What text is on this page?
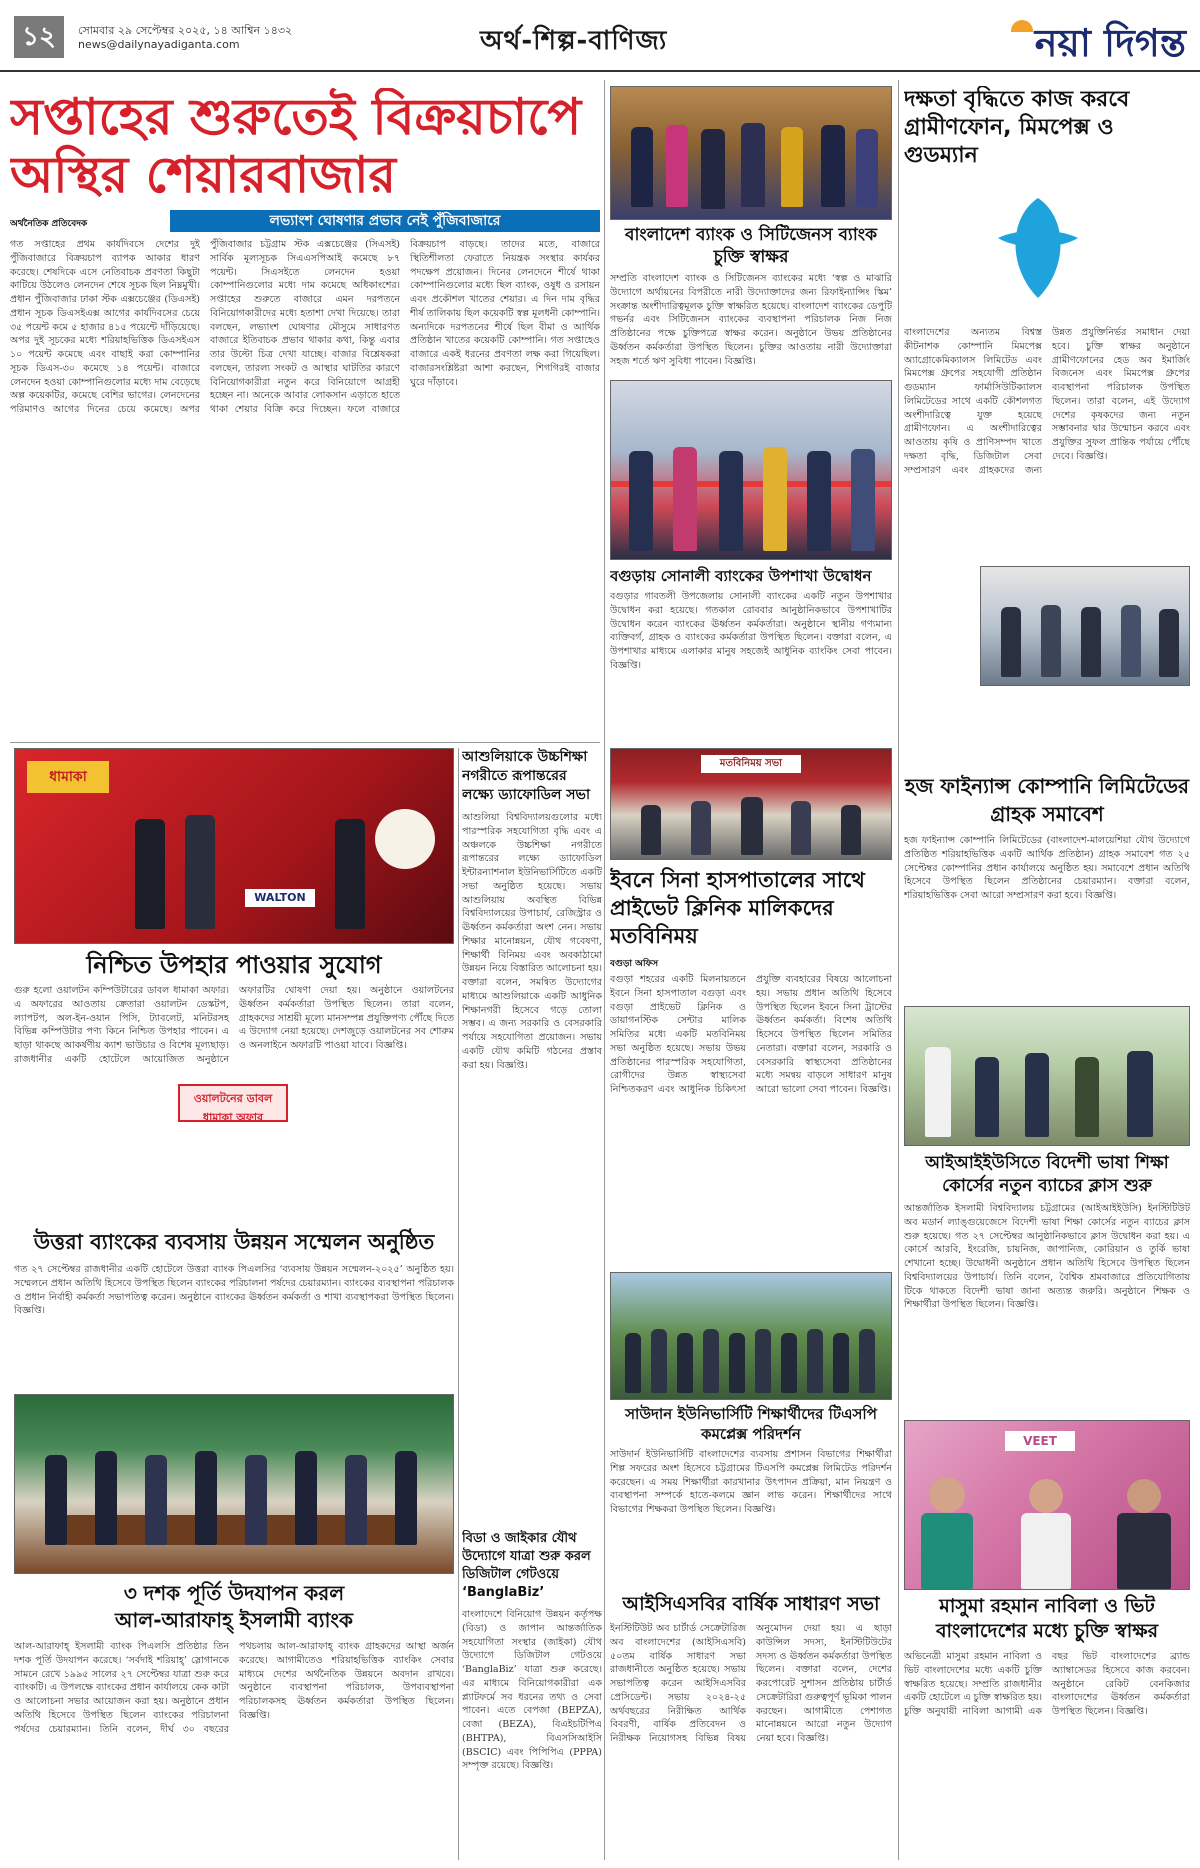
১২	সোমবার ২৯ সেপ্টেম্বর ২০২৫, ১৪ আশ্বিন ১৪৩২
news@dailynayadiganta.com	অর্থ-শিল্প-বাণিজ্য	নয়া দিগন্ত
সপ্তাহের শুরুতেই বিক্রয়চাপে
অস্থির শেয়ারবাজার
অর্থনৈতিক প্রতিবেদক	লভ্যাংশ ঘোষণার প্রভাব নেই পুঁজিবাজারে
গত সপ্তাহের প্রথম কার্যদিবসে দেশের দুই পুঁজিবাজারে বিক্রয়চাপ ব্যাপক আকার ধারণ করেছে। শেষদিকে এসে নেতিবাচক প্রবণতা কিছুটা কাটিয়ে উঠলেও লেনদেন শেষে সূচক ছিল নিম্নমুখী। প্রধান পুঁজিবাজার ঢাকা স্টক এক্সচেঞ্জের (ডিএসই) প্রধান সূচক ডিএসইএক্স আগের কার্যদিবসের চেয়ে ৩৫ পয়েন্ট কমে ৫ হাজার ৪১৫ পয়েন্টে দাঁড়িয়েছে। অপর দুই সূচকের মধ্যে শরিয়াহভিত্তিক ডিএসইএস ১০ পয়েন্ট কমেছে এবং বাছাই করা কোম্পানির সূচক ডিএস-৩০ কমেছে ১৪ পয়েন্ট। বাজারে লেনদেন হওয়া কোম্পানিগুলোর মধ্যে দাম বেড়েছে অল্প কয়েকটির, কমেছে বেশির ভাগের। লেনদেনের পরিমাণও আগের দিনের চেয়ে কমেছে। অপর পুঁজিবাজার চট্টগ্রাম স্টক এক্সচেঞ্জের (সিএসই) সার্বিক মূল্যসূচক সিএএসপিআই কমেছে ৮৭ পয়েন্ট। সিএসইতে লেনদেন হওয়া কোম্পানিগুলোর মধ্যে দাম কমেছে অধিকাংশের। সপ্তাহের শুরুতে বাজারে এমন দরপতনে বিনিয়োগকারীদের মধ্যে হতাশা দেখা দিয়েছে। তারা বলছেন, লভ্যাংশ ঘোষণার মৌসুমে সাধারণত বাজারে ইতিবাচক প্রভাব থাকার কথা, কিন্তু এবার তার উল্টো চিত্র দেখা যাচ্ছে। বাজার বিশ্লেষকরা বলছেন, তারল্য সংকট ও আস্থার ঘাটতির কারণে বিনিয়োগকারীরা নতুন করে বিনিয়োগে আগ্রহী হচ্ছেন না। অনেকে আবার লোকসান এড়াতে হাতে থাকা শেয়ার বিক্রি করে দিচ্ছেন। ফলে বাজারে বিক্রয়চাপ বাড়ছে। তাদের মতে, বাজারে স্থিতিশীলতা ফেরাতে নিয়ন্ত্রক সংস্থার কার্যকর পদক্ষেপ প্রয়োজন। দিনের লেনদেনে শীর্ষে থাকা কোম্পানিগুলোর মধ্যে ছিল ব্যাংক, ওষুধ ও রসায়ন এবং প্রকৌশল খাতের শেয়ার। এ দিন দাম বৃদ্ধির শীর্ষ তালিকায় ছিল কয়েকটি স্বল্প মূলধনী কোম্পানি। অন্যদিকে দরপতনের শীর্ষে ছিল বীমা ও আর্থিক প্রতিষ্ঠান খাতের কয়েকটি কোম্পানি। গত সপ্তাহেও বাজারে একই ধরনের প্রবণতা লক্ষ করা গিয়েছিল। বাজারসংশ্লিষ্টরা আশা করছেন, শিগগিরই বাজার ঘুরে দাঁড়াবে।
বাংলাদেশ ব্যাংক ও সিটিজেনস ব্যাংক চুক্তি স্বাক্ষর
সম্প্রতি বাংলাদেশ ব্যাংক ও সিটিজেনস ব্যাংকের মধ্যে ‘স্বল্প ও মাঝারি উদ্যোগে অর্থায়নের বিপরীতে নারী উদ্যোক্তাদের জন্য রিফাইন্যান্সিং স্কিম’ সংক্রান্ত অংশীদারিত্বমূলক চুক্তি স্বাক্ষরিত হয়েছে। বাংলাদেশ ব্যাংকের ডেপুটি গভর্নর এবং সিটিজেনস ব্যাংকের ব্যবস্থাপনা পরিচালক নিজ নিজ প্রতিষ্ঠানের পক্ষে চুক্তিপত্রে স্বাক্ষর করেন। অনুষ্ঠানে উভয় প্রতিষ্ঠানের ঊর্ধ্বতন কর্মকর্তারা উপস্থিত ছিলেন। চুক্তির আওতায় নারী উদ্যোক্তারা সহজ শর্তে ঋণ সুবিধা পাবেন। বিজ্ঞপ্তি।
দক্ষতা বৃদ্ধিতে কাজ করবে গ্রামীণফোন, মিমপেক্স ও গুডম্যান
বাংলাদেশের অন্যতম বিশ্বস্ত কীটনাশক কোম্পানি মিমপেক্স অ্যাগ্রোকেমিক্যালস লিমিটেড এবং মিমপেক্স গ্রুপের সহযোগী প্রতিষ্ঠান গুডম্যান ফার্মাসিউটিক্যালস লিমিটেডের সাথে একটি কৌশলগত অংশীদারিত্বে যুক্ত হয়েছে গ্রামীণফোন। এ অংশীদারিত্বের আওতায় কৃষি ও প্রাণিসম্পদ খাতে দক্ষতা বৃদ্ধি, ডিজিটাল সেবা সম্প্রসারণ এবং গ্রাহকদের জন্য উন্নত প্রযুক্তিনির্ভর সমাধান দেয়া হবে। চুক্তি স্বাক্ষর অনুষ্ঠানে গ্রামীণফোনের হেড অব ইমার্জিং বিজনেস এবং মিমপেক্স গ্রুপের ব্যবস্থাপনা পরিচালক উপস্থিত ছিলেন। তারা বলেন, এই উদ্যোগ দেশের কৃষকদের জন্য নতুন সম্ভাবনার দ্বার উন্মোচন করবে এবং প্রযুক্তির সুফল প্রান্তিক পর্যায়ে পৌঁছে দেবে। বিজ্ঞপ্তি।
বগুড়ায় সোনালী ব্যাংকের উপশাখা উদ্বোধন
বগুড়ার গাবতলী উপজেলায় সোনালী ব্যাংকের একটি নতুন উপশাখার উদ্বোধন করা হয়েছে। গতকাল রোববার আনুষ্ঠানিকভাবে উপশাখাটির উদ্বোধন করেন ব্যাংকের ঊর্ধ্বতন কর্মকর্তারা। অনুষ্ঠানে স্থানীয় গণ্যমান্য ব্যক্তিবর্গ, গ্রাহক ও ব্যাংকের কর্মকর্তারা উপস্থিত ছিলেন। বক্তারা বলেন, এ উপশাখার মাধ্যমে এলাকার মানুষ সহজেই আধুনিক ব্যাংকিং সেবা পাবেন। বিজ্ঞপ্তি।
ধামাকা
WALTON
নিশ্চিত উপহার পাওয়ার সুযোগ
গুরু হলো ওয়ালটন কম্পিউটারের ডাবল ধামাকা অফার। এ অফারের আওতায় ক্রেতারা ওয়ালটন ডেস্কটপ, ল্যাপটপ, অল-ইন-ওয়ান পিসি, ট্যাবলেট, মনিটরসহ বিভিন্ন কম্পিউটার পণ্য কিনে নিশ্চিত উপহার পাবেন। এ ছাড়া থাকছে আকর্ষণীয় ক্যাশ ভাউচার ও বিশেষ মূল্যছাড়। রাজধানীর একটি হোটেলে আয়োজিত অনুষ্ঠানে অফারটির ঘোষণা দেয়া হয়। অনুষ্ঠানে ওয়ালটনের ঊর্ধ্বতন কর্মকর্তারা উপস্থিত ছিলেন। তারা বলেন, গ্রাহকদের সাশ্রয়ী মূল্যে মানসম্পন্ন প্রযুক্তিপণ্য পৌঁছে দিতে এ উদ্যোগ নেয়া হয়েছে। দেশজুড়ে ওয়ালটনের সব শোরুম ও অনলাইনে অফারটি পাওয়া যাবে। বিজ্ঞপ্তি।
ওয়ালটনের ডাবল ধামাকা অফার
আশুলিয়াকে উচ্চশিক্ষা নগরীতে রূপান্তরের লক্ষ্যে ড্যাফোডিল সভা
আশুলিয়া বিশ্ববিদ্যালয়গুলোর মধ্যে পারস্পরিক সহযোগিতা বৃদ্ধি এবং এ অঞ্চলকে উচ্চশিক্ষা নগরীতে রূপান্তরের লক্ষ্যে ড্যাফোডিল ইন্টারন্যাশনাল ইউনিভার্সিটিতে একটি সভা অনুষ্ঠিত হয়েছে। সভায় আশুলিয়ায় অবস্থিত বিভিন্ন বিশ্ববিদ্যালয়ের উপাচার্য, রেজিস্ট্রার ও ঊর্ধ্বতন কর্মকর্তারা অংশ নেন। সভায় শিক্ষার মানোন্নয়ন, যৌথ গবেষণা, শিক্ষার্থী বিনিময় এবং অবকাঠামো উন্নয়ন নিয়ে বিস্তারিত আলোচনা হয়। বক্তারা বলেন, সমন্বিত উদ্যোগের মাধ্যমে আশুলিয়াকে একটি আধুনিক শিক্ষানগরী হিসেবে গড়ে তোলা সম্ভব। এ জন্য সরকারি ও বেসরকারি পর্যায়ে সহযোগিতা প্রয়োজন। সভায় একটি যৌথ কমিটি গঠনের প্রস্তাব করা হয়। বিজ্ঞপ্তি।
মতবিনিময় সভা
ইবনে সিনা হাসপাতালের সাথে প্রাইভেট ক্লিনিক মালিকদের মতবিনিময়
বগুড়া অফিস
বগুড়া শহরের একটি মিলনায়তনে ইবনে সিনা হাসপাতাল বগুড়া এবং বগুড়া প্রাইভেট ক্লিনিক ও ডায়াগনস্টিক সেন্টার মালিক সমিতির মধ্যে একটি মতবিনিময় সভা অনুষ্ঠিত হয়েছে। সভায় উভয় প্রতিষ্ঠানের পারস্পরিক সহযোগিতা, রোগীদের উন্নত স্বাস্থ্যসেবা নিশ্চিতকরণ এবং আধুনিক চিকিৎসা প্রযুক্তি ব্যবহারের বিষয়ে আলোচনা হয়। সভায় প্রধান অতিথি হিসেবে উপস্থিত ছিলেন ইবনে সিনা ট্রাস্টের ঊর্ধ্বতন কর্মকর্তা। বিশেষ অতিথি হিসেবে উপস্থিত ছিলেন সমিতির নেতারা। বক্তারা বলেন, সরকারি ও বেসরকারি স্বাস্থ্যসেবা প্রতিষ্ঠানের মধ্যে সমন্বয় বাড়লে সাধারণ মানুষ আরো ভালো সেবা পাবেন। বিজ্ঞপ্তি।
হজ ফাইন্যান্স কোম্পানি লিমিটেডের গ্রাহক সমাবেশ
হজ ফাইন্যান্স কোম্পানি লিমিটেডের (বাংলাদেশ-মালয়েশিয়া যৌথ উদ্যোগে প্রতিষ্ঠিত শরিয়াহভিত্তিক একটি আর্থিক প্রতিষ্ঠান) গ্রাহক সমাবেশ গত ২৫ সেপ্টেম্বর কোম্পানির প্রধান কার্যালয়ে অনুষ্ঠিত হয়। সমাবেশে প্রধান অতিথি হিসেবে উপস্থিত ছিলেন প্রতিষ্ঠানের চেয়ারম্যান। বক্তারা বলেন, শরিয়াহভিত্তিক সেবা আরো সম্প্রসারণ করা হবে। বিজ্ঞপ্তি।
আইআইইউসিতে বিদেশী ভাষা শিক্ষা কোর্সের নতুন ব্যাচের ক্লাস শুরু
আন্তর্জাতিক ইসলামী বিশ্ববিদ্যালয় চট্টগ্রামের (আইআইইউসি) ইনস্টিটিউট অব মডার্ন ল্যাঙ্গুয়েজেসে বিদেশী ভাষা শিক্ষা কোর্সের নতুন ব্যাচের ক্লাস শুরু হয়েছে। গত ২৭ সেপ্টেম্বর আনুষ্ঠানিকভাবে ক্লাস উদ্বোধন করা হয়। এ কোর্সে আরবি, ইংরেজি, চায়নিজ, জাপানিজ, কোরিয়ান ও তুর্কি ভাষা শেখানো হচ্ছে। উদ্বোধনী অনুষ্ঠানে প্রধান অতিথি হিসেবে উপস্থিত ছিলেন বিশ্ববিদ্যালয়ের উপাচার্য। তিনি বলেন, বৈশ্বিক শ্রমবাজারে প্রতিযোগিতায় টিকে থাকতে বিদেশী ভাষা জানা অত্যন্ত জরুরি। অনুষ্ঠানে শিক্ষক ও শিক্ষার্থীরা উপস্থিত ছিলেন। বিজ্ঞপ্তি।
উত্তরা ব্যাংকের ব্যবসায় উন্নয়ন সম্মেলন অনুষ্ঠিত
গত ২৭ সেপ্টেম্বর রাজধানীর একটি হোটেলে উত্তরা ব্যাংক পিএলসির ‘ব্যবসায় উন্নয়ন সম্মেলন-২০২৫’ অনুষ্ঠিত হয়। সম্মেলনে প্রধান অতিথি হিসেবে উপস্থিত ছিলেন ব্যাংকের পরিচালনা পর্ষদের চেয়ারম্যান। ব্যাংকের ব্যবস্থাপনা পরিচালক ও প্রধান নির্বাহী কর্মকর্তা সভাপতিত্ব করেন। অনুষ্ঠানে ব্যাংকের ঊর্ধ্বতন কর্মকর্তা ও শাখা ব্যবস্থাপকরা উপস্থিত ছিলেন। বিজ্ঞপ্তি।
৩ দশক পূর্তি উদযাপন করল
আল-আরাফাহ্ ইসলামী ব্যাংক
আল-আরাফাহ্ ইসলামী ব্যাংক পিএলসি প্রতিষ্ঠার তিন দশক পূর্তি উদযাপন করেছে। ‘সর্বদাই শরিয়াহ্’ স্লোগানকে সামনে রেখে ১৯৯৫ সালের ২৭ সেপ্টেম্বর যাত্রা শুরু করে ব্যাংকটি। এ উপলক্ষে ব্যাংকের প্রধান কার্যালয়ে কেক কাটা ও আলোচনা সভার আয়োজন করা হয়। অনুষ্ঠানে প্রধান অতিথি হিসেবে উপস্থিত ছিলেন ব্যাংকের পরিচালনা পর্ষদের চেয়ারম্যান। তিনি বলেন, দীর্ঘ ৩০ বছরের পথচলায় আল-আরাফাহ্ ব্যাংক গ্রাহকদের আস্থা অর্জন করেছে। আগামীতেও শরিয়াহভিত্তিক ব্যাংকিং সেবার মাধ্যমে দেশের অর্থনৈতিক উন্নয়নে অবদান রাখবে। অনুষ্ঠানে ব্যবস্থাপনা পরিচালক, উপব্যবস্থাপনা পরিচালকসহ ঊর্ধ্বতন কর্মকর্তারা উপস্থিত ছিলেন। বিজ্ঞপ্তি।
বিডা ও জাইকার যৌথ উদ্যোগে যাত্রা শুরু করল ডিজিটাল গেটওয়ে ‘BanglaBiz’
বাংলাদেশে বিনিয়োগ উন্নয়ন কর্তৃপক্ষ (বিডা) ও জাপান আন্তর্জাতিক সহযোগিতা সংস্থার (জাইকা) যৌথ উদ্যোগে ডিজিটাল গেটওয়ে ‘BanglaBiz’ যাত্রা শুরু করেছে। এর মাধ্যমে বিনিয়োগকারীরা এক প্ল্যাটফর্মে সব ধরনের তথ্য ও সেবা পাবেন। এতে বেপজা (BEPZA), বেজা (BEZA), বিএইচটিপিএ (BHTPA), বিএসসিআইসি (BSCIC) এবং পিপিপিএ (PPPA) সম্পৃক্ত রয়েছে। বিজ্ঞপ্তি।
সাউদান ইউনিভার্সিটি শিক্ষার্থীদের টিএসপি কমপ্লেক্স পরিদর্শন
সাউদার্ন ইউনিভার্সিটি বাংলাদেশের ব্যবসায় প্রশাসন বিভাগের শিক্ষার্থীরা শিল্প সফরের অংশ হিসেবে চট্টগ্রামের টিএসপি কমপ্লেক্স লিমিটেড পরিদর্শন করেছেন। এ সময় শিক্ষার্থীরা কারখানার উৎপাদন প্রক্রিয়া, মান নিয়ন্ত্রণ ও ব্যবস্থাপনা সম্পর্কে হাতে-কলমে জ্ঞান লাভ করেন। শিক্ষার্থীদের সাথে বিভাগের শিক্ষকরা উপস্থিত ছিলেন। বিজ্ঞপ্তি।
আইসিএসবির বার্ষিক সাধারণ সভা
ইনস্টিটিউট অব চার্টার্ড সেক্রেটারিজ অব বাংলাদেশের (আইসিএসবি) ৫০তম বার্ষিক সাধারণ সভা রাজধানীতে অনুষ্ঠিত হয়েছে। সভায় সভাপতিত্ব করেন আইসিএসবির প্রেসিডেন্ট। সভায় ২০২৪-২৫ অর্থবছরের নিরীক্ষিত আর্থিক বিবরণী, বার্ষিক প্রতিবেদন ও নিরীক্ষক নিয়োগসহ বিভিন্ন বিষয় অনুমোদন দেয়া হয়। এ ছাড়া কাউন্সিল সদস্য, ইনস্টিটিউটের সদস্য ও ঊর্ধ্বতন কর্মকর্তারা উপস্থিত ছিলেন। বক্তারা বলেন, দেশের করপোরেট সুশাসন প্রতিষ্ঠায় চার্টার্ড সেক্রেটারিরা গুরুত্বপূর্ণ ভূমিকা পালন করছেন। আগামীতে পেশাগত মানোন্নয়নে আরো নতুন উদ্যোগ নেয়া হবে। বিজ্ঞপ্তি।
VEET
মাসুমা রহমান নাবিলা ও ভিট বাংলাদেশের মধ্যে চুক্তি স্বাক্ষর
অভিনেত্রী মাসুমা রহমান নাবিলা ও ভিট বাংলাদেশের মধ্যে একটি চুক্তি স্বাক্ষরিত হয়েছে। সম্প্রতি রাজধানীর একটি হোটেলে এ চুক্তি স্বাক্ষরিত হয়। চুক্তি অনুযায়ী নাবিলা আগামী এক বছর ভিট বাংলাদেশের ব্র্যান্ড অ্যাম্বাসেডর হিসেবে কাজ করবেন। অনুষ্ঠানে রেকিট বেনকিজার বাংলাদেশের ঊর্ধ্বতন কর্মকর্তারা উপস্থিত ছিলেন। বিজ্ঞপ্তি।
